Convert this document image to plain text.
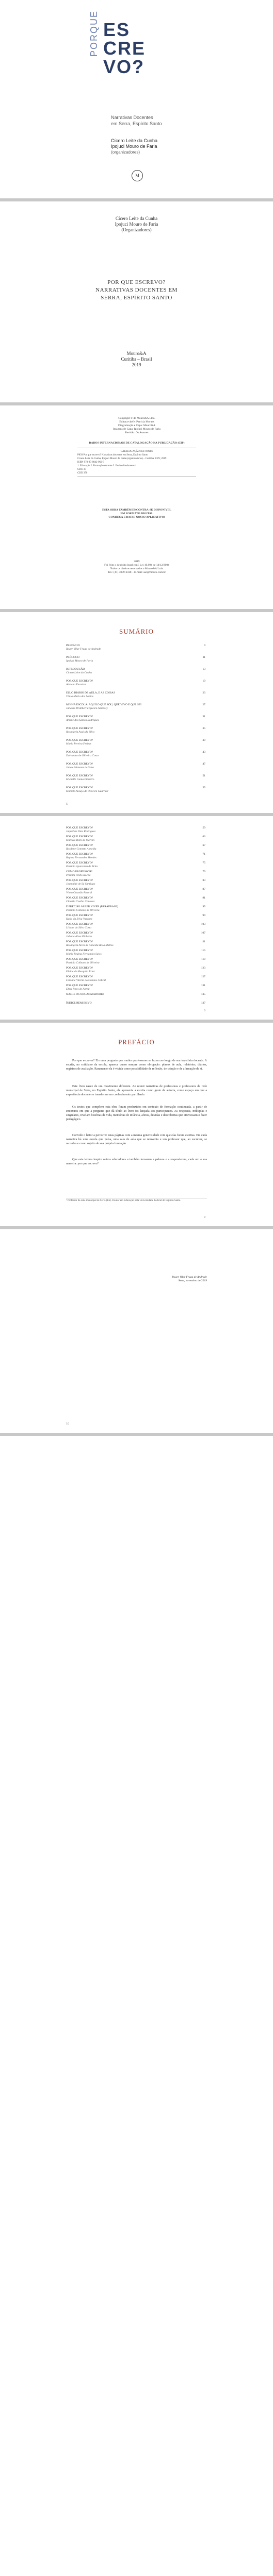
ES
CRE
VO?
PORQUE
Narrativas Docentes
em Serra, Espírito Santo
Cícero Leite da Cunha
Ipojuci Mouro de Faria
(organizadores)
M
Cícero Leite da Cunha
Ipojuci Mouro de Faria
(Organizadores)
POR QUE ESCREVO?
NARRATIVAS DOCENTES EM
SERRA, ESPÍRITO SANTO
Mouro&A
Curitiba – Brasil
2019
Copyright © de Mouro&A Ltda.
Editora-chefe: Patricia Moraes
Diagramação e Capa: Mouro&A
Imagens de Capa: Ipojuci Mouro de Faria
Revisão: Os Autores
DADOS INTERNACIONAIS DE CATALOGAÇÃO NA PUBLICAÇÃO (CIP)
CATALOGAÇÃO NA FONTE
P839 Por que escrevo? Narrativas docentes em Serra, Espírito Santo
Cícero Leite da Cunha, Ipojuci Mouro de Faria (organizadores) – Curitiba: CRV, 2019
ISBN 978-85-8042-962-8
1. Educação 2. Formação docente 3. Ensino fundamental
CDU 37
CDD 370
ESTA OBRA TAMBÉM ENCONTRA-SE DISPONÍVEL
EM FORMATO DIGITAL
CONHEÇA E BAIXE NOSSO APLICATIVO!
2019
Foi feito o depósito legal conf. Lei 10.994 de 14/12/2004
Todos os direitos reservados a Mouro&A Ltda.
Tel.: (41) 3039-6418 – E-mail: sac@mouro.com.br
SUMÁRIO
PREFÁCIO
Roger Vilar Fraga de Andrade
9
PRÓLOGO
Ipojuci Mouro de Faria
11
INTRODUÇÃO
Cícero Leite da Cunha
13
POR QUE ESCREVO?
Adriana Ferreira
19
EU, O DIÁRIO DE AULA, E AS COISAS
Tânia Maria dos Santos
23
MINHA ESCOLA: AQUILO QUE SOU, QUE VIVO E QUE SEI
Janaína Drabbert Figueira Ambrosy
27
POR QUE ESCREVO?
Ariane dos Santos Rodrigues
31
POR QUE ESCREVO?
Rosangela Assis da Silva
35
POR QUE ESCREVO?
Maria Pereira Freitas
39
POR QUE ESCREVO?
Dalvanira de Oliveira Costa
43
POR QUE ESCREVO?
Janete Menezes da Silva
47
POR QUE ESCREVO?
Michelle Gama Pinheiro
51
POR QUE ESCREVO?
Mariele Araújo de Oliveira Guarnier
55
5
POR QUE ESCREVO?
Jaqueline Dias Rodrigues
59
POR QUE ESCREVO?
Marcelo Rolli de Martim
63
POR QUE ESCREVO?
Rosilene Cometto Almeida
67
POR QUE ESCREVO?
Regina Fernandes Mendes
71
POR QUE ESCREVO?
Patrícia Aparecida de Brito
75
COMO PROFESSOR?
Priscila Pinho Rocha
79
POR QUE ESCREVO?
Josenaide de Sá Santiago
83
POR QUE ESCREVO?
Vilma Gusmão Ricardi
87
POR QUE ESCREVO?
Claudia Coelho Canossa
91
É PRECISO SABER VIVER (PARÁFRASE)
Patrícia Colbano de Oliveira
95
POR QUE ESCREVO?
Kátia da Silva Vasques
99
POR QUE ESCREVO?
Liliane da Silva Costa
103
POR QUE ESCREVO?
Juliana Alves Pinheiro
107
POR QUE ESCREVO?
Rosângela Alves de Almeida Rosa Mattos
111
POR QUE ESCREVO?
Maria Regina Fernandes Sales
115
POR QUE ESCREVO?
Patrícia Colbano de Oliveira
119
POR QUE ESCREVO?
Elaine de Mesquita Prior
123
POR QUE ESCREVO?
Fabiane Vitória dos Santos Cabral
127
POR QUE ESCREVO?
Elma Pires de Abreu
131
SOBRE OS ORGANIZADORES	135
ÍNDICE REMISSIVO	137
6
PREFÁCIO
Por que escrever? Eis uma pergunta que muitos professores se fazem ao longo de sua trajetória docente. A escrita, no cotidiano da escola, aparece quase sempre como obrigação: planos de aula, relatórios, diários, registros de avaliação. Raramente ela é vivida como possibilidade de reflexão, de criação e de afirmação de si.
Este livro nasce de um movimento diferente. Ao reunir narrativas de professoras e professores da rede municipal de Serra, no Espírito Santo, ele apresenta a escrita como gesto de autoria, como espaço em que a experiência docente se transforma em conhecimento partilhado.
Os textos que compõem esta obra foram produzidos em contexto de formação continuada, a partir de encontros em que a pergunta que dá título ao livro foi lançada aos participantes. As respostas, múltiplas e singulares, revelam histórias de vida, memórias de infância, afetos, dúvidas e descobertas que atravessam o fazer pedagógico.
Convido o leitor a percorrer estas páginas com a mesma generosidade com que elas foram escritas. Em cada narrativa há uma escola que pulsa, uma sala de aula que se reinventa e um professor que, ao escrever, se reconhece como sujeito de sua própria formação.
Que esta leitura inspire outros educadores a também tomarem a palavra e a responderem, cada um à sua maneira: por que escrevo?
¹ Professor da rede municipal de Serra (ES). Doutor em Educação pela Universidade Federal do Espírito Santo.
9
Roger Vilar Fraga de Andrade
Serra, novembro de 2019
10
